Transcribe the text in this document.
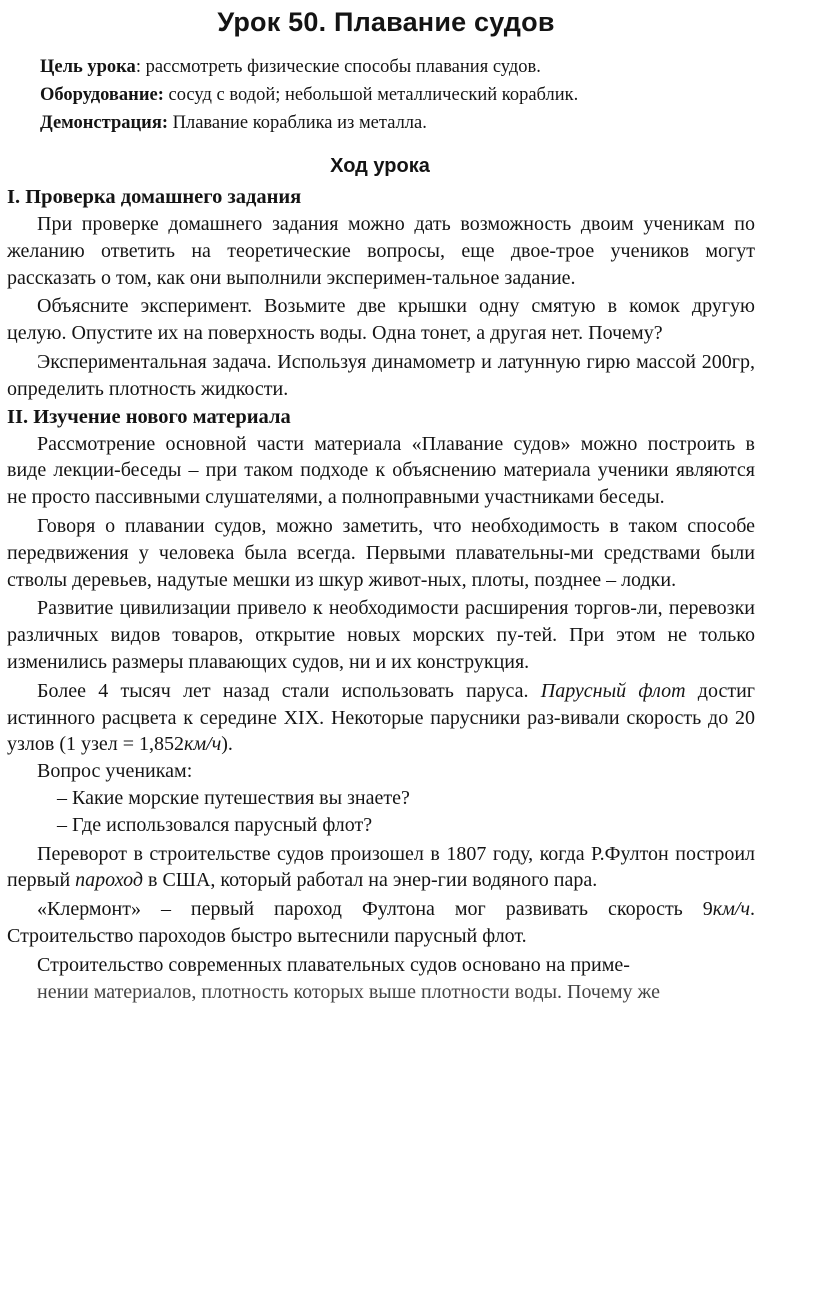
Урок 50. Плавание судов
Цель урока: рассмотреть физические способы плавания судов.
Оборудование: сосуд с водой; небольшой металлический кораблик.
Демонстрация: Плавание кораблика из металла.
Ход урока

I. Проверка домашнего задания

При проверке домашнего задания можно дать возможность двоим ученикам по желанию ответить на теоретические вопросы, еще двое-трое учеников могут рассказать о том, как они выполнили эксперимен-тальное задание.

Объясните эксперимент. Возьмите две крышки одну смятую в комок другую целую. Опустите их на поверхность воды. Одна тонет, а другая нет. Почему?

Экспериментальная задача. Используя динамометр и латунную гирю массой 200гр, определить плотность жидкости.

II. Изучение нового материала

Рассмотрение основной части материала «Плавание судов» можно построить в виде лекции-беседы – при таком подходе к объяснению материала ученики являются не просто пассивными слушателями, а полноправными участниками беседы.

Говоря о плавании судов, можно заметить, что необходимость в таком способе передвижения у человека была всегда. Первыми плавательны-ми средствами были стволы деревьев, надутые мешки из шкур живот-ных, плоты, позднее – лодки.

Развитие цивилизации привело к необходимости расширения торгов-ли, перевозки различных видов товаров, открытие новых морских пу-тей. При этом не только изменились размеры плавающих судов, ни и их конструкция.

Более 4 тысяч лет назад стали использовать паруса. Парусный флот достиг истинного расцвета к середине XIX. Некоторые парусники раз-вивали скорость до 20 узлов (1 узел = 1,852км/ч).

Вопрос ученикам:

– Какие морские путешествия вы знаете?

– Где использовался парусный флот?

Переворот в строительстве судов произошел в 1807 году, когда Р.Фултон построил первый пароход в США, который работал на энер-гии водяного пара.

«Клермонт» – первый пароход Фултона мог развивать скорость 9км/ч. Строительство пароходов быстро вытеснили парусный флот.

Строительство современных плавательных судов основано на приме-

нении материалов, плотность которых выше плотности воды. Почему же
